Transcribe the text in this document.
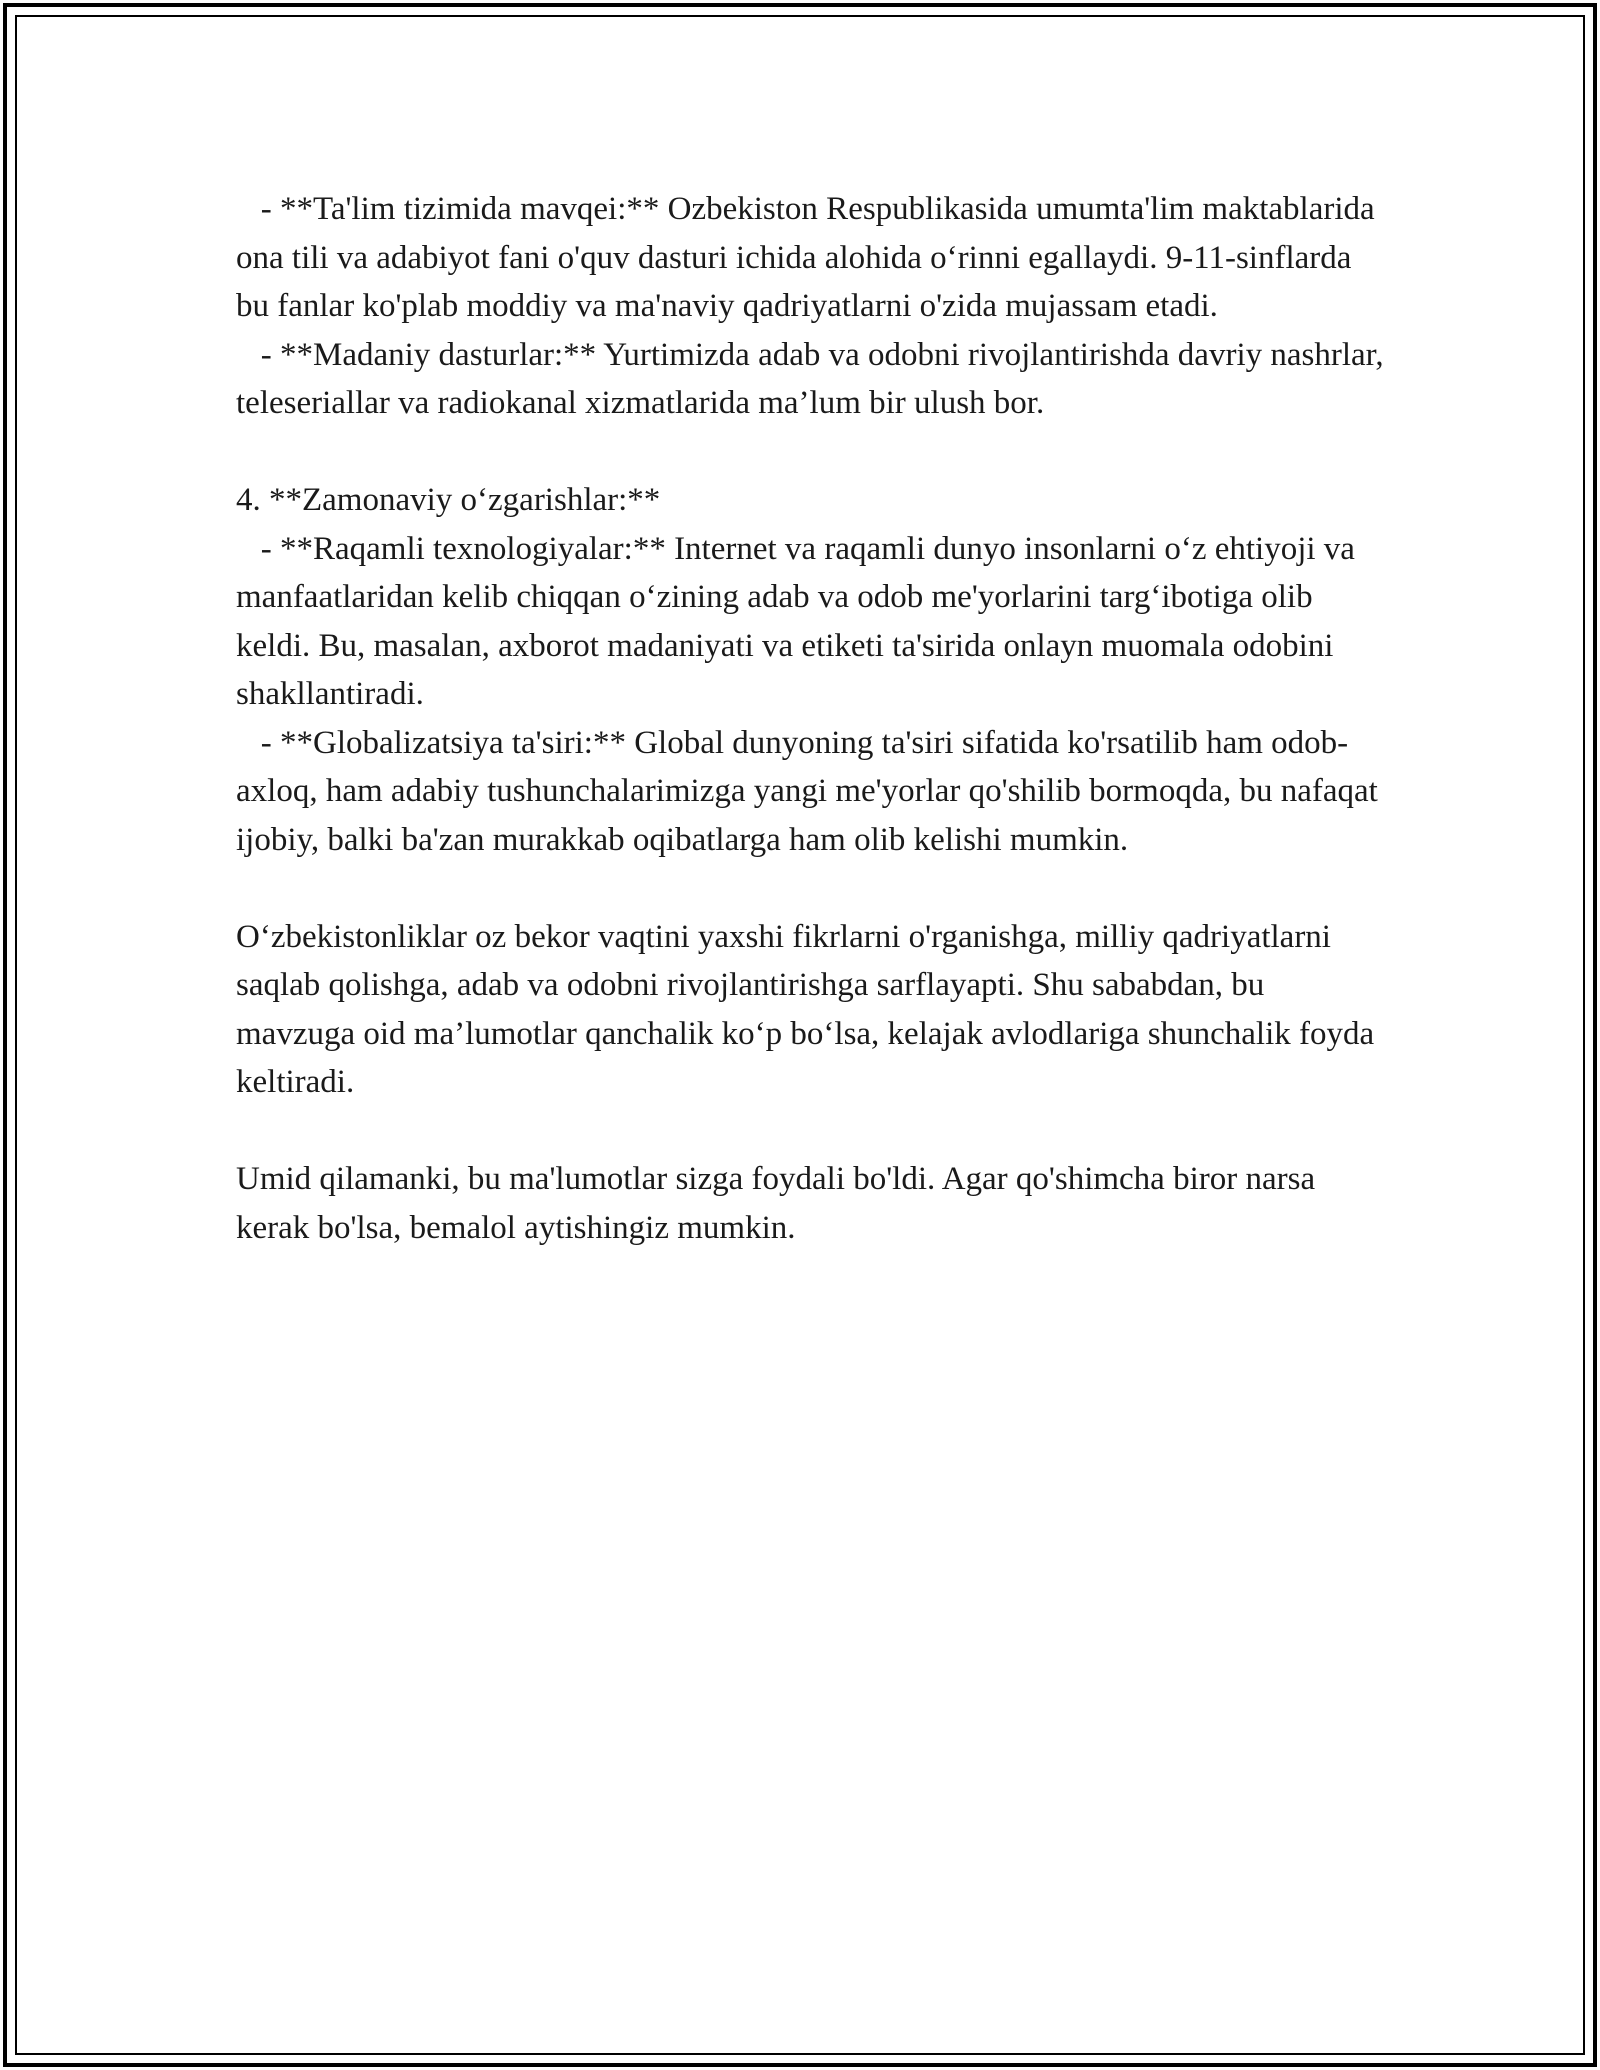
- **Ta'lim tizimida mavqei:** Ozbekiston Respublikasida umumta'lim maktablarida ona tili va adabiyot fani o'quv dasturi ichida alohida o‘rinni egallaydi. 9-11-sinflarda bu fanlar ko'plab moddiy va ma'naviy qadriyatlarni o'zida mujassam etadi.

- **Madaniy dasturlar:** Yurtimizda adab va odobni rivojlantirishda davriy nashrlar, teleseriallar va radiokanal xizmatlarida ma’lum bir ulush bor.

4. **Zamonaviy o‘zgarishlar:**

- **Raqamli texnologiyalar:** Internet va raqamli dunyo insonlarni o‘z ehtiyoji va manfaatlaridan kelib chiqqan o‘zining adab va odob me'yorlarini targ‘ibotiga olib keldi. Bu, masalan, axborot madaniyati va etiketi ta'sirida onlayn muomala odobini shakllantiradi.

- **Globalizatsiya ta'siri:** Global dunyoning ta'siri sifatida ko'rsatilib ham odob-axloq, ham adabiy tushunchalarimizga yangi me'yorlar qo'shilib bormoqda, bu nafaqat ijobiy, balki ba'zan murakkab oqibatlarga ham olib kelishi mumkin.

O‘zbekistonliklar oz bekor vaqtini yaxshi fikrlarni o'rganishga, milliy qadriyatlarni saqlab qolishga, adab va odobni rivojlantirishga sarflayapti. Shu sababdan, bu mavzuga oid ma’lumotlar qanchalik ko‘p bo‘lsa, kelajak avlodlariga shunchalik foyda keltiradi.

Umid qilamanki, bu ma'lumotlar sizga foydali bo'ldi. Agar qo'shimcha biror narsa kerak bo'lsa, bemalol aytishingiz mumkin.
